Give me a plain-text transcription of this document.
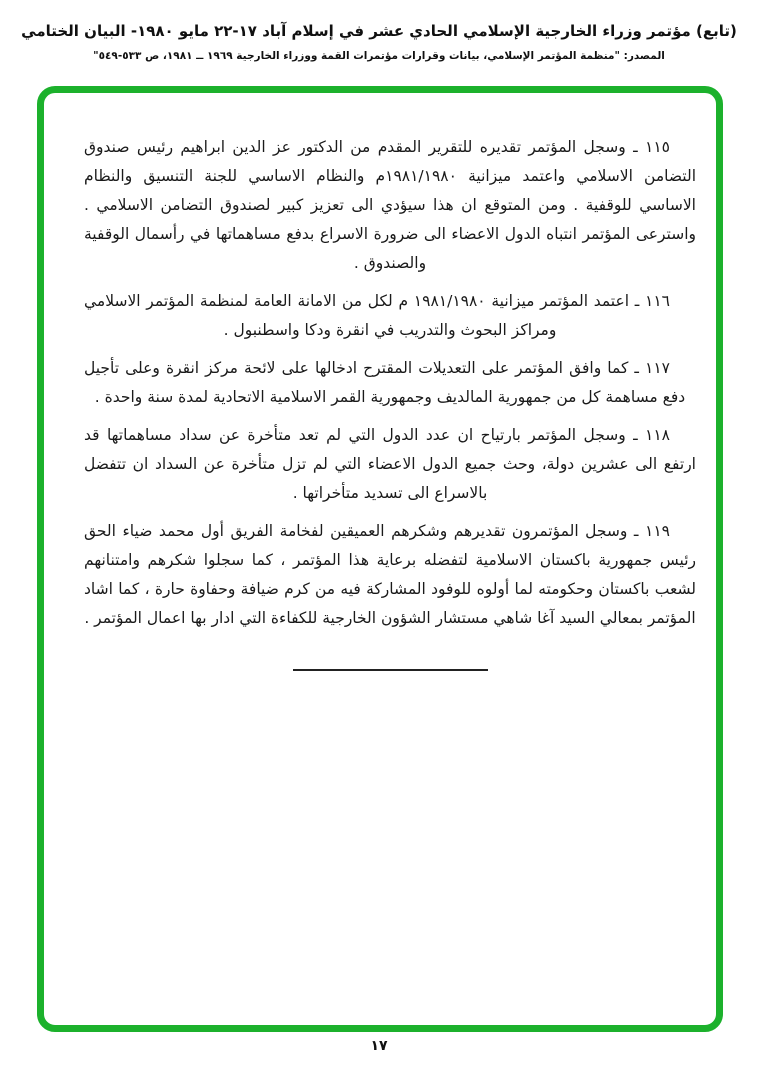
(تابع) مؤتمر وزراء الخارجية الإسلامي الحادي عشر في إسلام آباد ١٧-٢٢ مايو ١٩٨٠- البيان الختامي
المصدر: "منظمة المؤتمر الإسلامي، بيانات وقرارات مؤتمرات القمة ووزراء الخارجية ١٩٦٩ ــ ١٩٨١، ص ٥٣٣-٥٤٩"

١١٥ ـ وسجل المؤتمر تقديره للتقرير المقدم من الدكتور عز الدين ابراهيم رئيس صندوق التضامن الاسلامي واعتمد ميزانية ١٩٨١/١٩٨٠م والنظام الاساسي للجنة التنسيق والنظام الاساسي للوقفية . ومن المتوقع ان هذا سيؤدي الى تعزيز كبير لصندوق التضامن الاسلامي . واسترعى المؤتمر انتباه الدول الاعضاء الى ضرورة الاسراع بدفع مساهماتها في رأسمال الوقفية والصندوق .

١١٦ ـ اعتمد المؤتمر ميزانية ١٩٨١/١٩٨٠ م لكل من الامانة العامة لمنظمة المؤتمر الاسلامي ومراكز البحوث والتدريب في انقرة ودكا واسطنبول .

١١٧ ـ كما وافق المؤتمر على التعديلات المقترح ادخالها على لائحة مركز انقرة وعلى تأجيل دفع مساهمة كل من جمهورية المالديف وجمهورية القمر الاسلامية الاتحادية لمدة سنة واحدة .

١١٨ ـ وسجل المؤتمر بارتياح ان عدد الدول التي لم تعد متأخرة عن سداد مساهماتها قد ارتفع الى عشرين دولة، وحث جميع الدول الاعضاء التي لم تزل متأخرة عن السداد ان تتفضل بالاسراع الى تسديد متأخراتها .

١١٩ ـ وسجل المؤتمرون تقديرهم وشكرهم العميقين لفخامة الفريق أول محمد ضياء الحق رئيس جمهورية باكستان الاسلامية لتفضله برعاية هذا المؤتمر ، كما سجلوا شكرهم وامتنانهم لشعب باكستان وحكومته لما أولوه للوفود المشاركة فيه من كرم ضيافة وحفاوة حارة ، كما اشاد المؤتمر بمعالي السيد آغا شاهي مستشار الشؤون الخارجية للكفاءة التي ادار بها اعمال المؤتمر .

١٧
